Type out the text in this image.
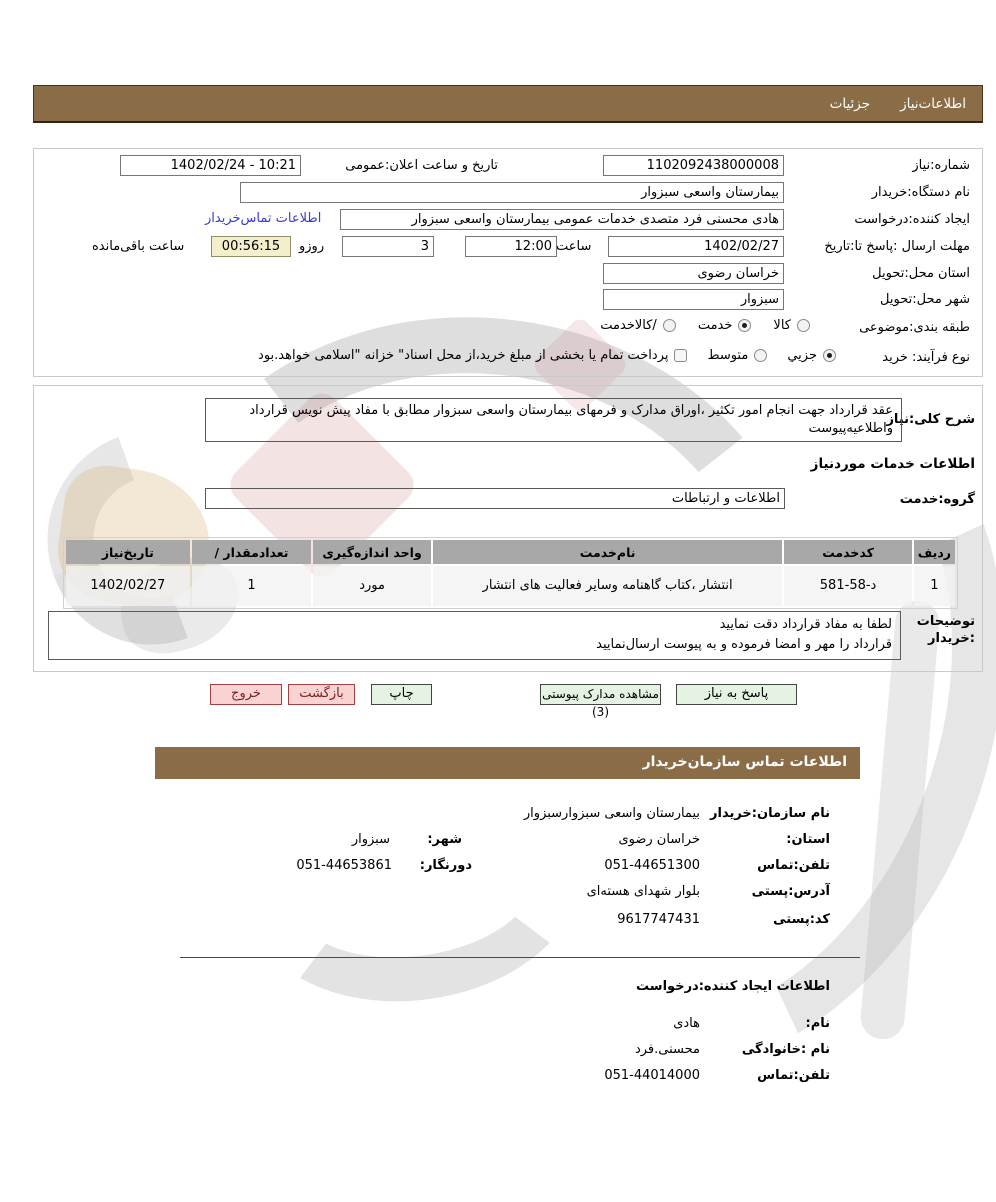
اطلاعات‌نیاز
جزئیات
شماره:نیاز
1102092438000008
تاریخ و ساعت اعلان:عمومی
1402/02/24 - 10:21
نام دستگاه:خریدار
بیمارستان واسعی سبزوار
ایجاد کننده:درخواست
هادی محسنی فرد متصدی خدمات عمومی بیمارستان واسعی سبزوار
اطلاعات تماس‌خریدار
مهلت ارسال :پاسخ تا:تاریخ
1402/02/27
ساعت
12:00
3
روزو
00:56:15
ساعت باقی‌مانده
استان محل:تحویل
خراسان رضوی
شهر محل:تحویل
سبزوار
طبقه بندی:موضوعی
کالا
خدمت
/کالاخدمت
نوع فرآیند: خرید
جزیي
متوسط
پرداخت تمام یا بخشی از مبلغ خرید،از محل اسناد" خزانه "اسلامی خواهد.بود
شرح کلی:نیاز
عقد قرارداد جهت انجام امور تکثیر ،اوراق مدارک و فرمهای بیمارستان واسعی سبزوار مطابق با مفاد پیش نویس قرارداد واطلاعیه‌پیوست
اطلاعات خدمات موردنیاز
گروه:خدمت
اطلاعات و ارتباطات
ردیف	کدخدمت	نام‌خدمت	واحد اندازه‌گیری	تعدادمقدار /	تاریخ‌نیاز
1	د-58-581	انتشار ،کتاب گاهنامه وسایر فعالیت های انتشار	مورد	1	1402/02/27
توضیحات :خریدار
لطفا به مفاد قرارداد دقت نمایید
قرارداد را مهر و امضا فرموده و به پیوست ارسال‌نمایید
پاسخ به نیاز
مشاهده مدارک پیوستی (3)
چاپ
بازگشت
خروج
اطلاعات تماس سازمان‌خریدار
نام سازمان:خریدار
بیمارستان واسعی سبزوارسبزوار
استان:
خراسان رضوی
شهر:
سبزوار
تلفن:تماس
051-44651300
دورنگار:
051-44653861
آدرس:پستی
بلوار شهدای هسته‌ای
کد:پستی
9617747431
اطلاعات ایجاد کننده:درخواست
نام:
هادی
نام :خانوادگی
محسنی.فرد
تلفن:تماس
051-44014000
